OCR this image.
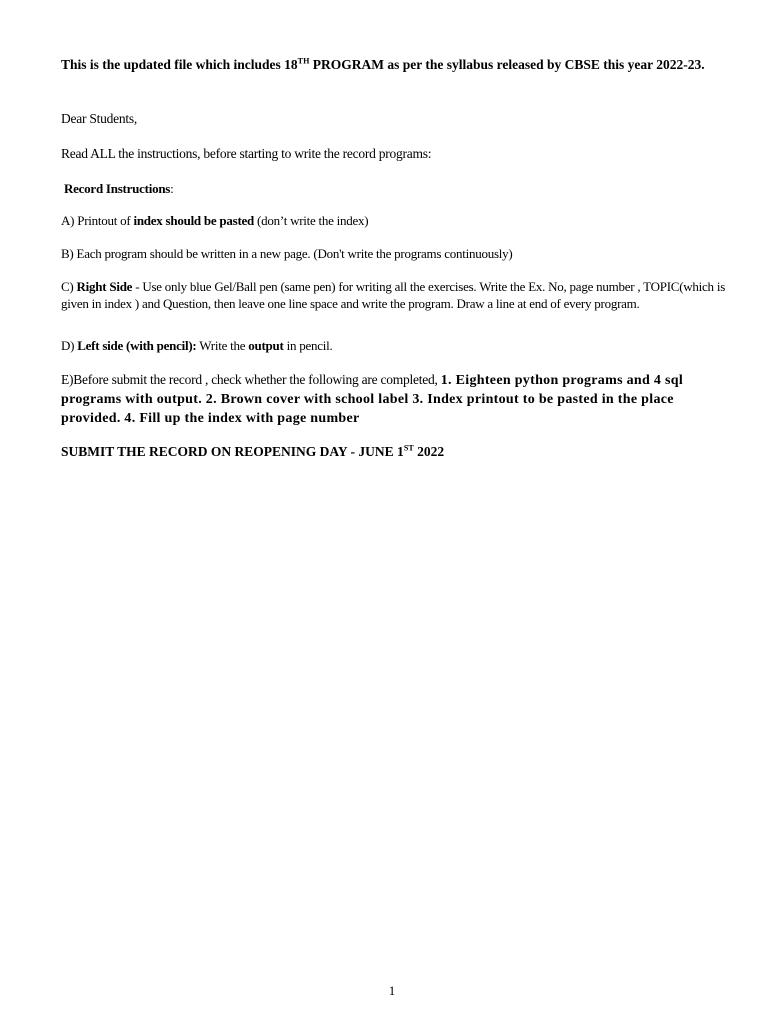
This is the updated file which includes 18TH PROGRAM as per the syllabus released by CBSE this year 2022-23.

Dear Students,

Read ALL the instructions, before starting to write the record programs:

Record Instructions:

A) Printout of index should be pasted (don’t write the index)

B) Each program should be written in a new page. (Don't write the programs continuously)

C) Right Side - Use only blue Gel/Ball pen (same pen) for writing all the exercises. Write the Ex. No, page number , TOPIC(which is given in index ) and Question, then leave one line space and write the program. Draw a line at end of every program.

D) Left side (with pencil): Write the output in pencil.

E)Before submit the record , check whether the following are completed, 1. Eighteen python programs and 4 sql programs with output. 2. Brown cover with school label 3. Index printout to be pasted in the place provided. 4. Fill up the index with page number

SUBMIT THE RECORD ON REOPENING DAY - JUNE 1ST 2022

1
